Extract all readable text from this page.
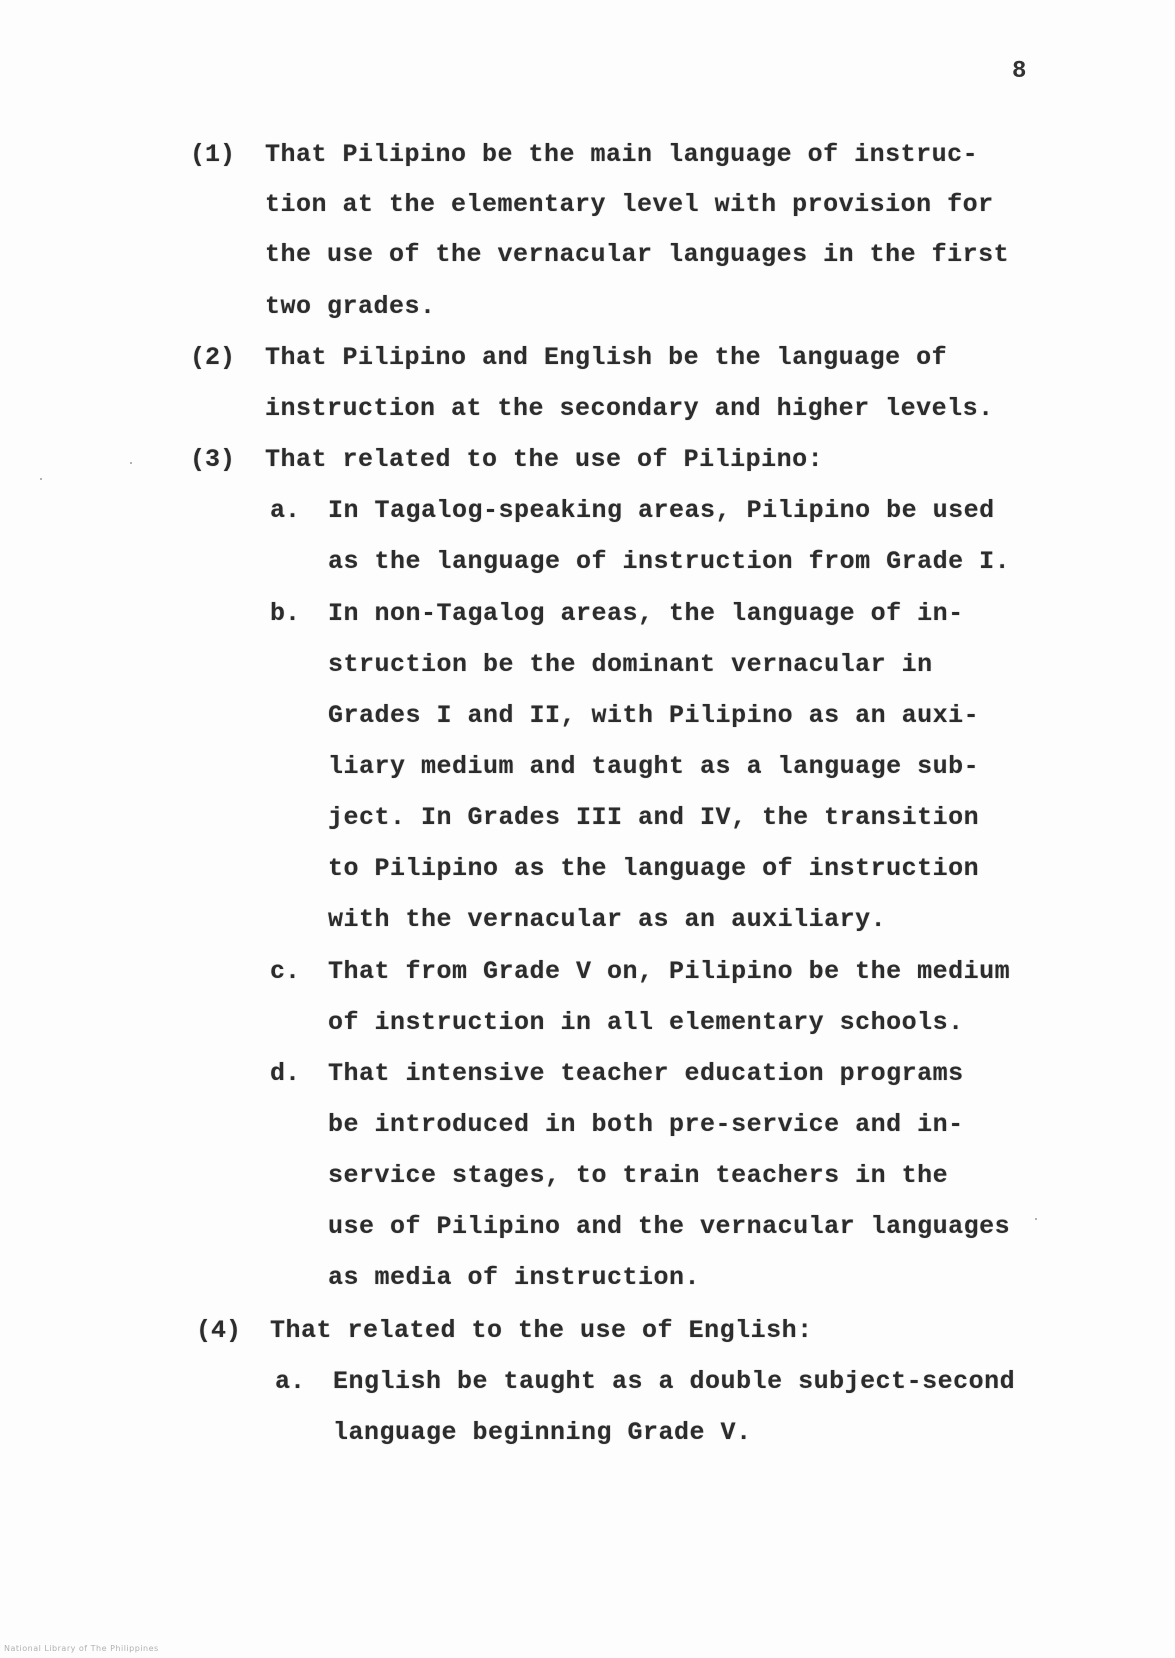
8
(1) That Pilipino be the main language of instruc-
tion at the elementary level with provision for
the use of the vernacular languages in the first
two grades.
(2) That Pilipino and English be the language of
instruction at the secondary and higher levels.
(3) That related to the use of Pilipino:
a. In Tagalog-speaking areas, Pilipino be used
as the language of instruction from Grade I.
b. In non-Tagalog areas, the language of in-
struction be the dominant vernacular in
Grades I and II, with Pilipino as an auxi-
liary medium and taught as a language sub-
ject. In Grades III and IV, the transition
to Pilipino as the language of instruction
with the vernacular as an auxiliary.
c. That from Grade V on, Pilipino be the medium
of instruction in all elementary schools.
d. That intensive teacher education programs
be introduced in both pre-service and in-
service stages, to train teachers in the
use of Pilipino and the vernacular languages
as media of instruction.
(4) That related to the use of English:
a. English be taught as a double subject-second
language beginning Grade V.
National Library of The Philippines
